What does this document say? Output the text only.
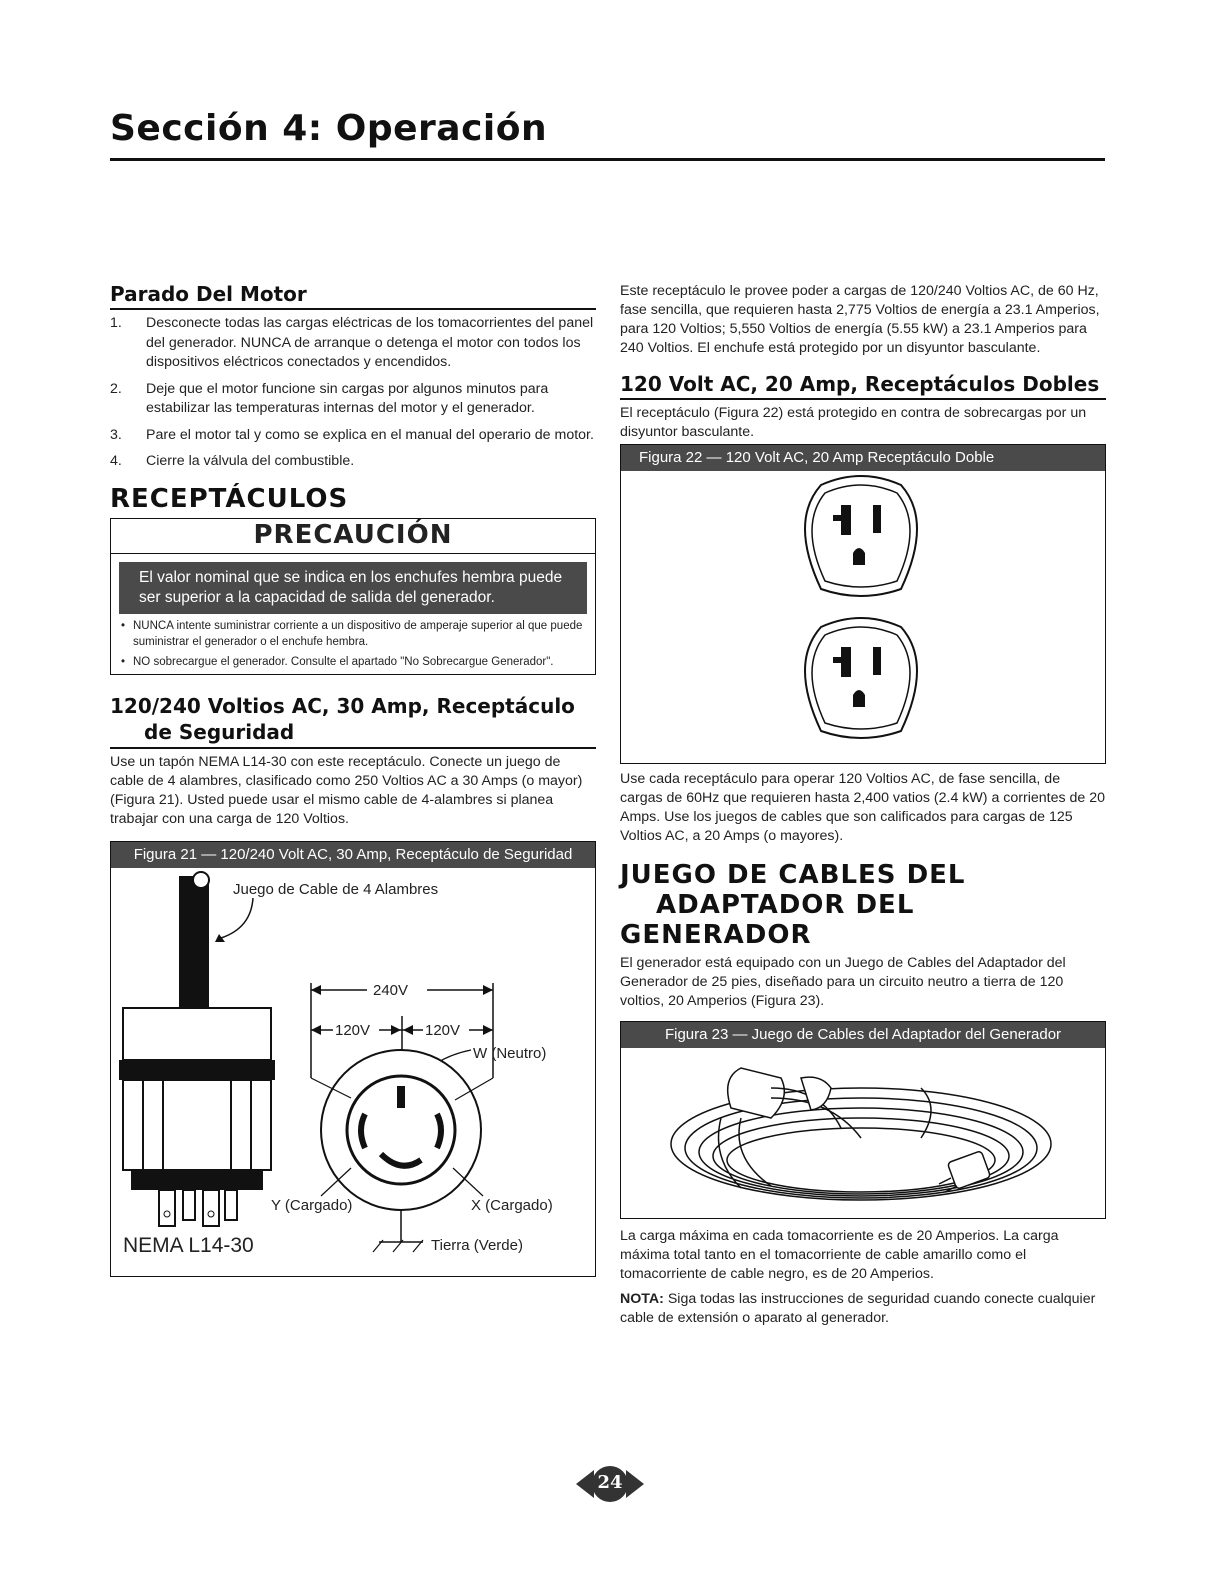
Sección 4: Operación
Parado Del Motor
1. Desconecte todas las cargas eléctricas de los tomacorrientes del panel del generador. NUNCA de arranque o detenga el motor con todos los dispositivos eléctricos conectados y encendidos.
2. Deje que el motor funcione sin cargas por algunos minutos para estabilizar las temperaturas internas del motor y el generador.
3. Pare el motor tal y como se explica en el manual del operario de motor.
4. Cierre la válvula del combustible.
RECEPTÁCULOS
PRECAUCIÓN
El valor nominal que se indica en los enchufes hembra puede ser superior a la capacidad de salida del generador.
• NUNCA intente suministrar corriente a un dispositivo de amperaje superior al que puede suministrar el generador o el enchufe hembra.
• NO sobrecargue el generador. Consulte el apartado "No Sobrecargue Generador".
120/240 Voltios AC, 30 Amp, Receptáculo
de Seguridad

Use un tapón NEMA L14-30 con este receptáculo. Conecte un juego de cable de 4 alambres, clasificado como 250 Voltios AC a 30 Amps (o mayor) (Figura 21). Usted puede usar el mismo cable de 4-alambres si planea trabajar con una carga de 120 Voltios.

Figura 21 — 120/240 Volt AC, 30 Amp, Receptáculo de Seguridad
Juego de Cable de 4 Alambres
NEMA L14-30
240V
120V	120V
W (Neutro)
Y (Cargado)	X (Cargado)
Tierra (Verde)

Este receptáculo le provee poder a cargas de 120/240 Voltios AC, de 60 Hz, fase sencilla, que requieren hasta 2,775 Voltios de energía a 23.1 Amperios, para 120 Voltios; 5,550 Voltios de energía (5.55 kW) a 23.1 Amperios para 240 Voltios. El enchufe está protegido por un disyuntor basculante.

120 Volt AC, 20 Amp, Receptáculos Dobles

El receptáculo (Figura 22) está protegido en contra de sobrecargas por un disyuntor basculante.

Figura 22 — 120 Volt AC, 20 Amp Receptáculo Doble

Use cada receptáculo para operar 120 Voltios AC, de fase sencilla, de cargas de 60Hz que requieren hasta 2,400 vatios (2.4 kW) a corrientes de 20 Amps. Use los juegos de cables que son calificados para cargas de 125 Voltios AC, a 20 Amps (o mayores).

JUEGO DE CABLES DEL
ADAPTADOR DEL GENERADOR

El generador está equipado con un Juego de Cables del Adaptador del Generador de 25 pies, diseñado para un circuito neutro a tierra de 120 voltios, 20 Amperios (Figura 23).

Figura 23 — Juego de Cables del Adaptador del Generador

La carga máxima en cada tomacorriente es de 20 Amperios. La carga máxima total tanto en el tomacorriente de cable amarillo como el tomacorriente de cable negro, es de 20 Amperios.

NOTA: Siga todas las instrucciones de seguridad cuando conecte cualquier cable de extensión o aparato al generador.

24
